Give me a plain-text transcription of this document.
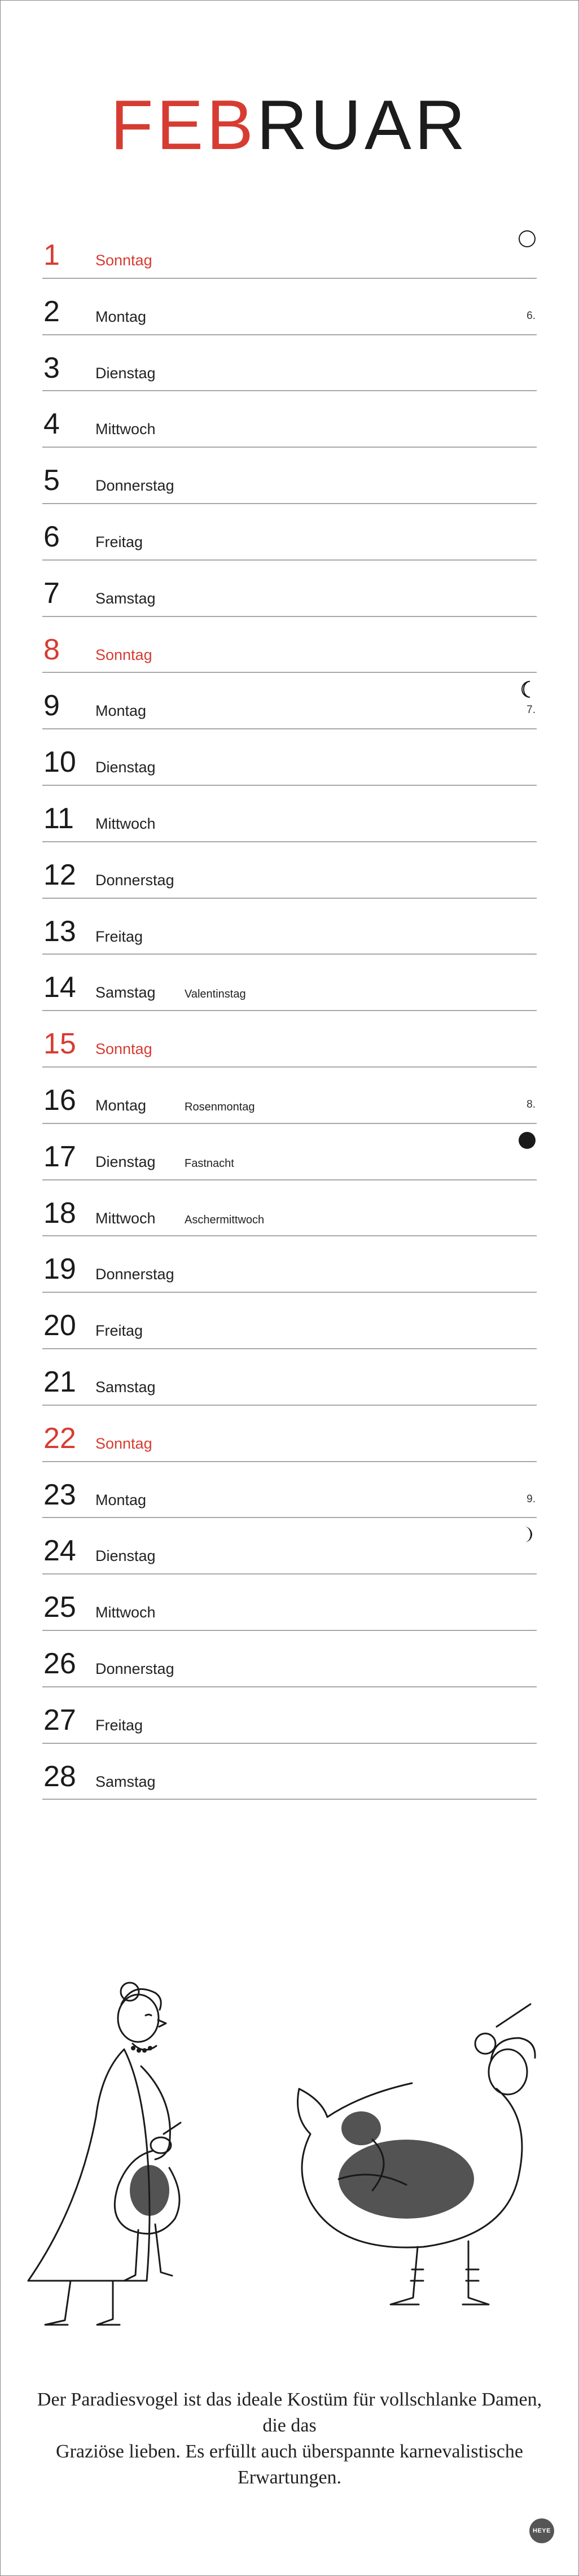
FEBRUAR
1 Sonntag
2 Montag	6.
3 Dienstag
4 Mittwoch
5 Donnerstag
6 Freitag
7 Samstag
8 Sonntag
9 Montag	7.
10 Dienstag
11 Mittwoch
12 Donnerstag
13 Freitag
14 Samstag	Valentinstag
15 Sonntag
16 Montag	Rosenmontag	8.
17 Dienstag	Fastnacht
18 Mittwoch	Aschermittwoch
19 Donnerstag
20 Freitag
21 Samstag
22 Sonntag
23 Montag	9.
24 Dienstag
25 Mittwoch
26 Donnerstag
27 Freitag
28 Samstag
Der Paradiesvogel ist das ideale Kostüm für vollschlanke Damen, die das
Graziöse lieben. Es erfüllt auch überspannte karnevalistische Erwartungen.
HEYE
